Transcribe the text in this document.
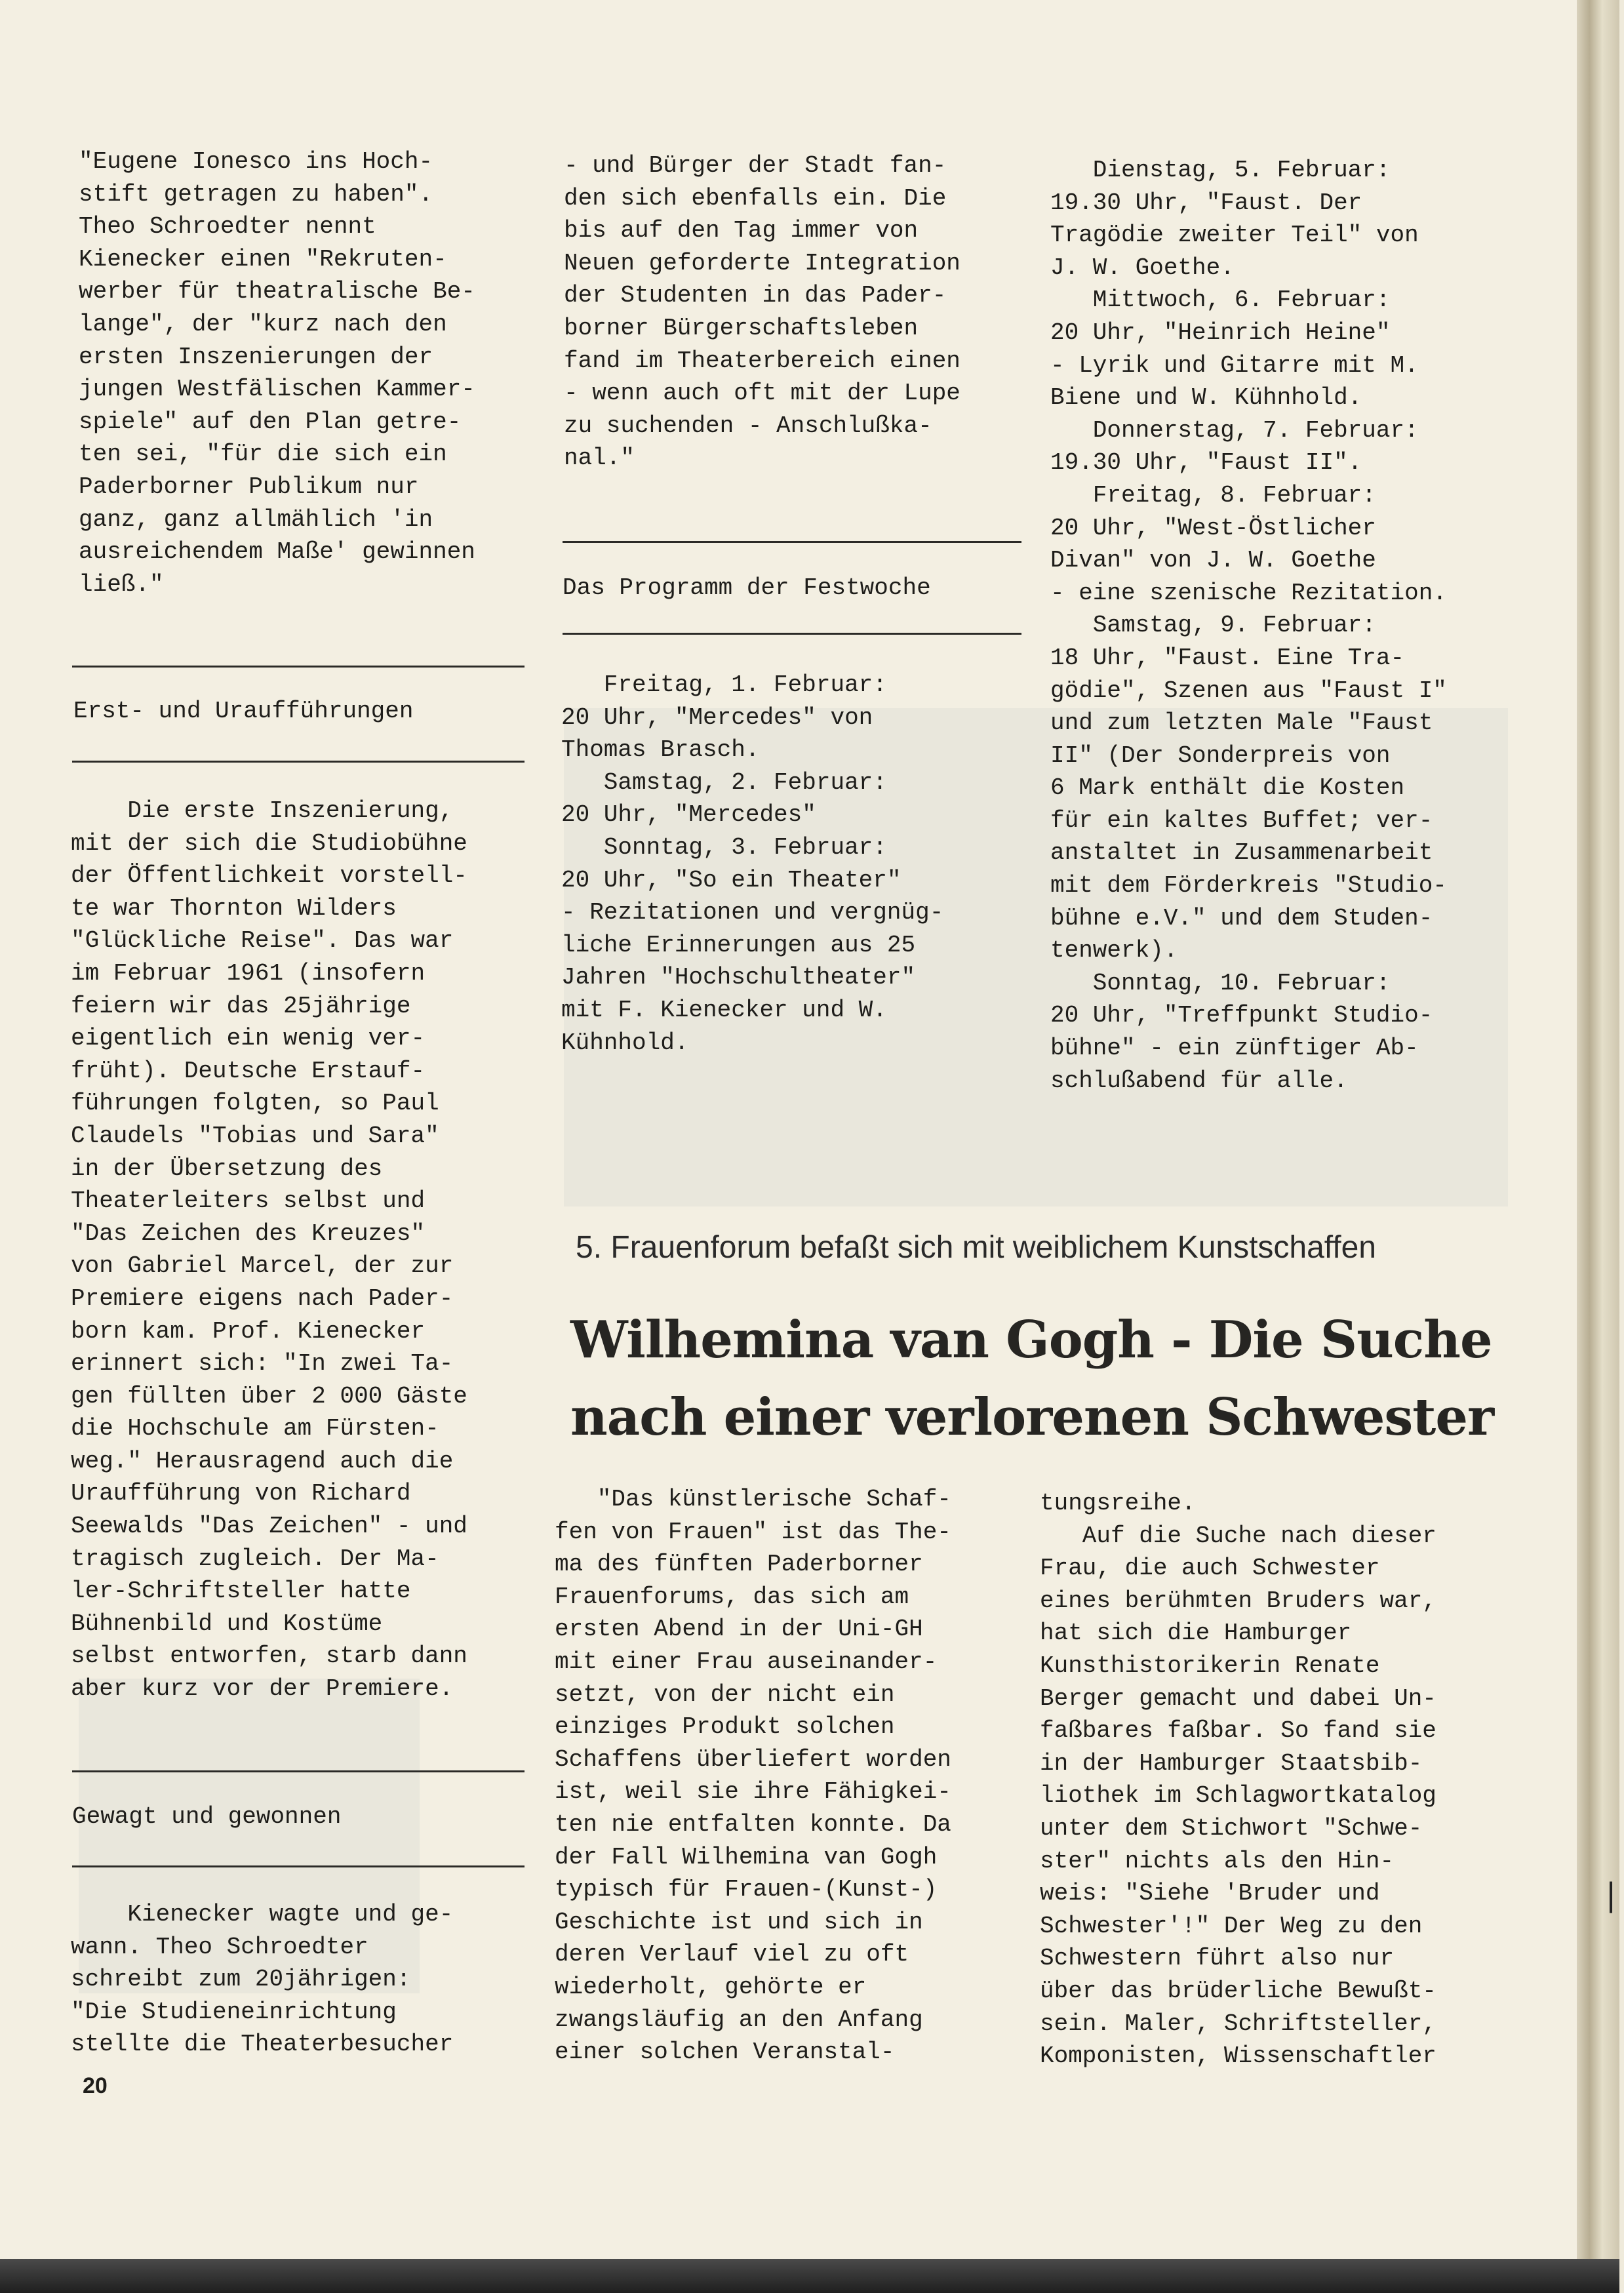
"Eugene Ionesco ins Hoch-
stift getragen zu haben".
Theo Schroedter nennt
Kienecker einen "Rekruten-
werber für theatralische Be-
lange", der "kurz nach den
ersten Inszenierungen der
jungen Westfälischen Kammer-
spiele" auf den Plan getre-
ten sei, "für die sich ein
Paderborner Publikum nur
ganz, ganz allmählich 'in
ausreichendem Maße' gewinnen
ließ."
Erst- und Uraufführungen
Die erste Inszenierung,
mit der sich die Studiobühne
der Öffentlichkeit vorstell-
te war Thornton Wilders
"Glückliche Reise". Das war
im Februar 1961 (insofern
feiern wir das 25jährige
eigentlich ein wenig ver-
früht). Deutsche Erstauf-
führungen folgten, so Paul
Claudels "Tobias und Sara"
in der Übersetzung des
Theaterleiters selbst und
"Das Zeichen des Kreuzes"
von Gabriel Marcel, der zur
Premiere eigens nach Pader-
born kam. Prof. Kienecker
erinnert sich: "In zwei Ta-
gen füllten über 2 000 Gäste
die Hochschule am Fürsten-
weg." Herausragend auch die
Uraufführung von Richard
Seewalds "Das Zeichen" - und
tragisch zugleich. Der Ma-
ler-Schriftsteller hatte
Bühnenbild und Kostüme
selbst entworfen, starb dann
aber kurz vor der Premiere.
Gewagt und gewonnen
Kienecker wagte und ge-
wann. Theo Schroedter
schreibt zum 20jährigen:
"Die Studieneinrichtung
stellte die Theaterbesucher
- und Bürger der Stadt fan-
den sich ebenfalls ein. Die
bis auf den Tag immer von
Neuen geforderte Integration
der Studenten in das Pader-
borner Bürgerschaftsleben
fand im Theaterbereich einen
- wenn auch oft mit der Lupe
zu suchenden - Anschlußka-
nal."
Das Programm der Festwoche
Freitag, 1. Februar:
20 Uhr, "Mercedes" von
Thomas Brasch.
Samstag, 2. Februar:
20 Uhr, "Mercedes"
Sonntag, 3. Februar:
20 Uhr, "So ein Theater"
- Rezitationen und vergnüg-
liche Erinnerungen aus 25
Jahren "Hochschultheater"
mit F. Kienecker und W.
Kühnhold.
Dienstag, 5. Februar:
19.30 Uhr, "Faust. Der
Tragödie zweiter Teil" von
J. W. Goethe.
Mittwoch, 6. Februar:
20 Uhr, "Heinrich Heine"
- Lyrik und Gitarre mit M.
Biene und W. Kühnhold.
Donnerstag, 7. Februar:
19.30 Uhr, "Faust II".
Freitag, 8. Februar:
20 Uhr, "West-Östlicher
Divan" von J. W. Goethe
- eine szenische Rezitation.
Samstag, 9. Februar:
18 Uhr, "Faust. Eine Tra-
gödie", Szenen aus "Faust I"
und zum letzten Male "Faust
II" (Der Sonderpreis von
6 Mark enthält die Kosten
für ein kaltes Buffet; ver-
anstaltet in Zusammenarbeit
mit dem Förderkreis "Studio-
bühne e.V." und dem Studen-
tenwerk).
Sonntag, 10. Februar:
20 Uhr, "Treffpunkt Studio-
bühne" - ein zünftiger Ab-
schlußabend für alle.
5. Frauenforum befaßt sich mit weiblichem Kunstschaffen
Wilhemina van Gogh - Die Suche
nach einer verlorenen Schwester
"Das künstlerische Schaf-
fen von Frauen" ist das The-
ma des fünften Paderborner
Frauenforums, das sich am
ersten Abend in der Uni-GH
mit einer Frau auseinander-
setzt, von der nicht ein
einziges Produkt solchen
Schaffens überliefert worden
ist, weil sie ihre Fähigkei-
ten nie entfalten konnte. Da
der Fall Wilhemina van Gogh
typisch für Frauen-(Kunst-)
Geschichte ist und sich in
deren Verlauf viel zu oft
wiederholt, gehörte er
zwangsläufig an den Anfang
einer solchen Veranstal-
tungsreihe.
Auf die Suche nach dieser
Frau, die auch Schwester
eines berühmten Bruders war,
hat sich die Hamburger
Kunsthistorikerin Renate
Berger gemacht und dabei Un-
faßbares faßbar. So fand sie
in der Hamburger Staatsbib-
liothek im Schlagwortkatalog
unter dem Stichwort "Schwe-
ster" nichts als den Hin-
weis: "Siehe 'Bruder und
Schwester'!" Der Weg zu den
Schwestern führt also nur
über das brüderliche Bewußt-
sein. Maler, Schriftsteller,
Komponisten, Wissenschaftler
20
❘
